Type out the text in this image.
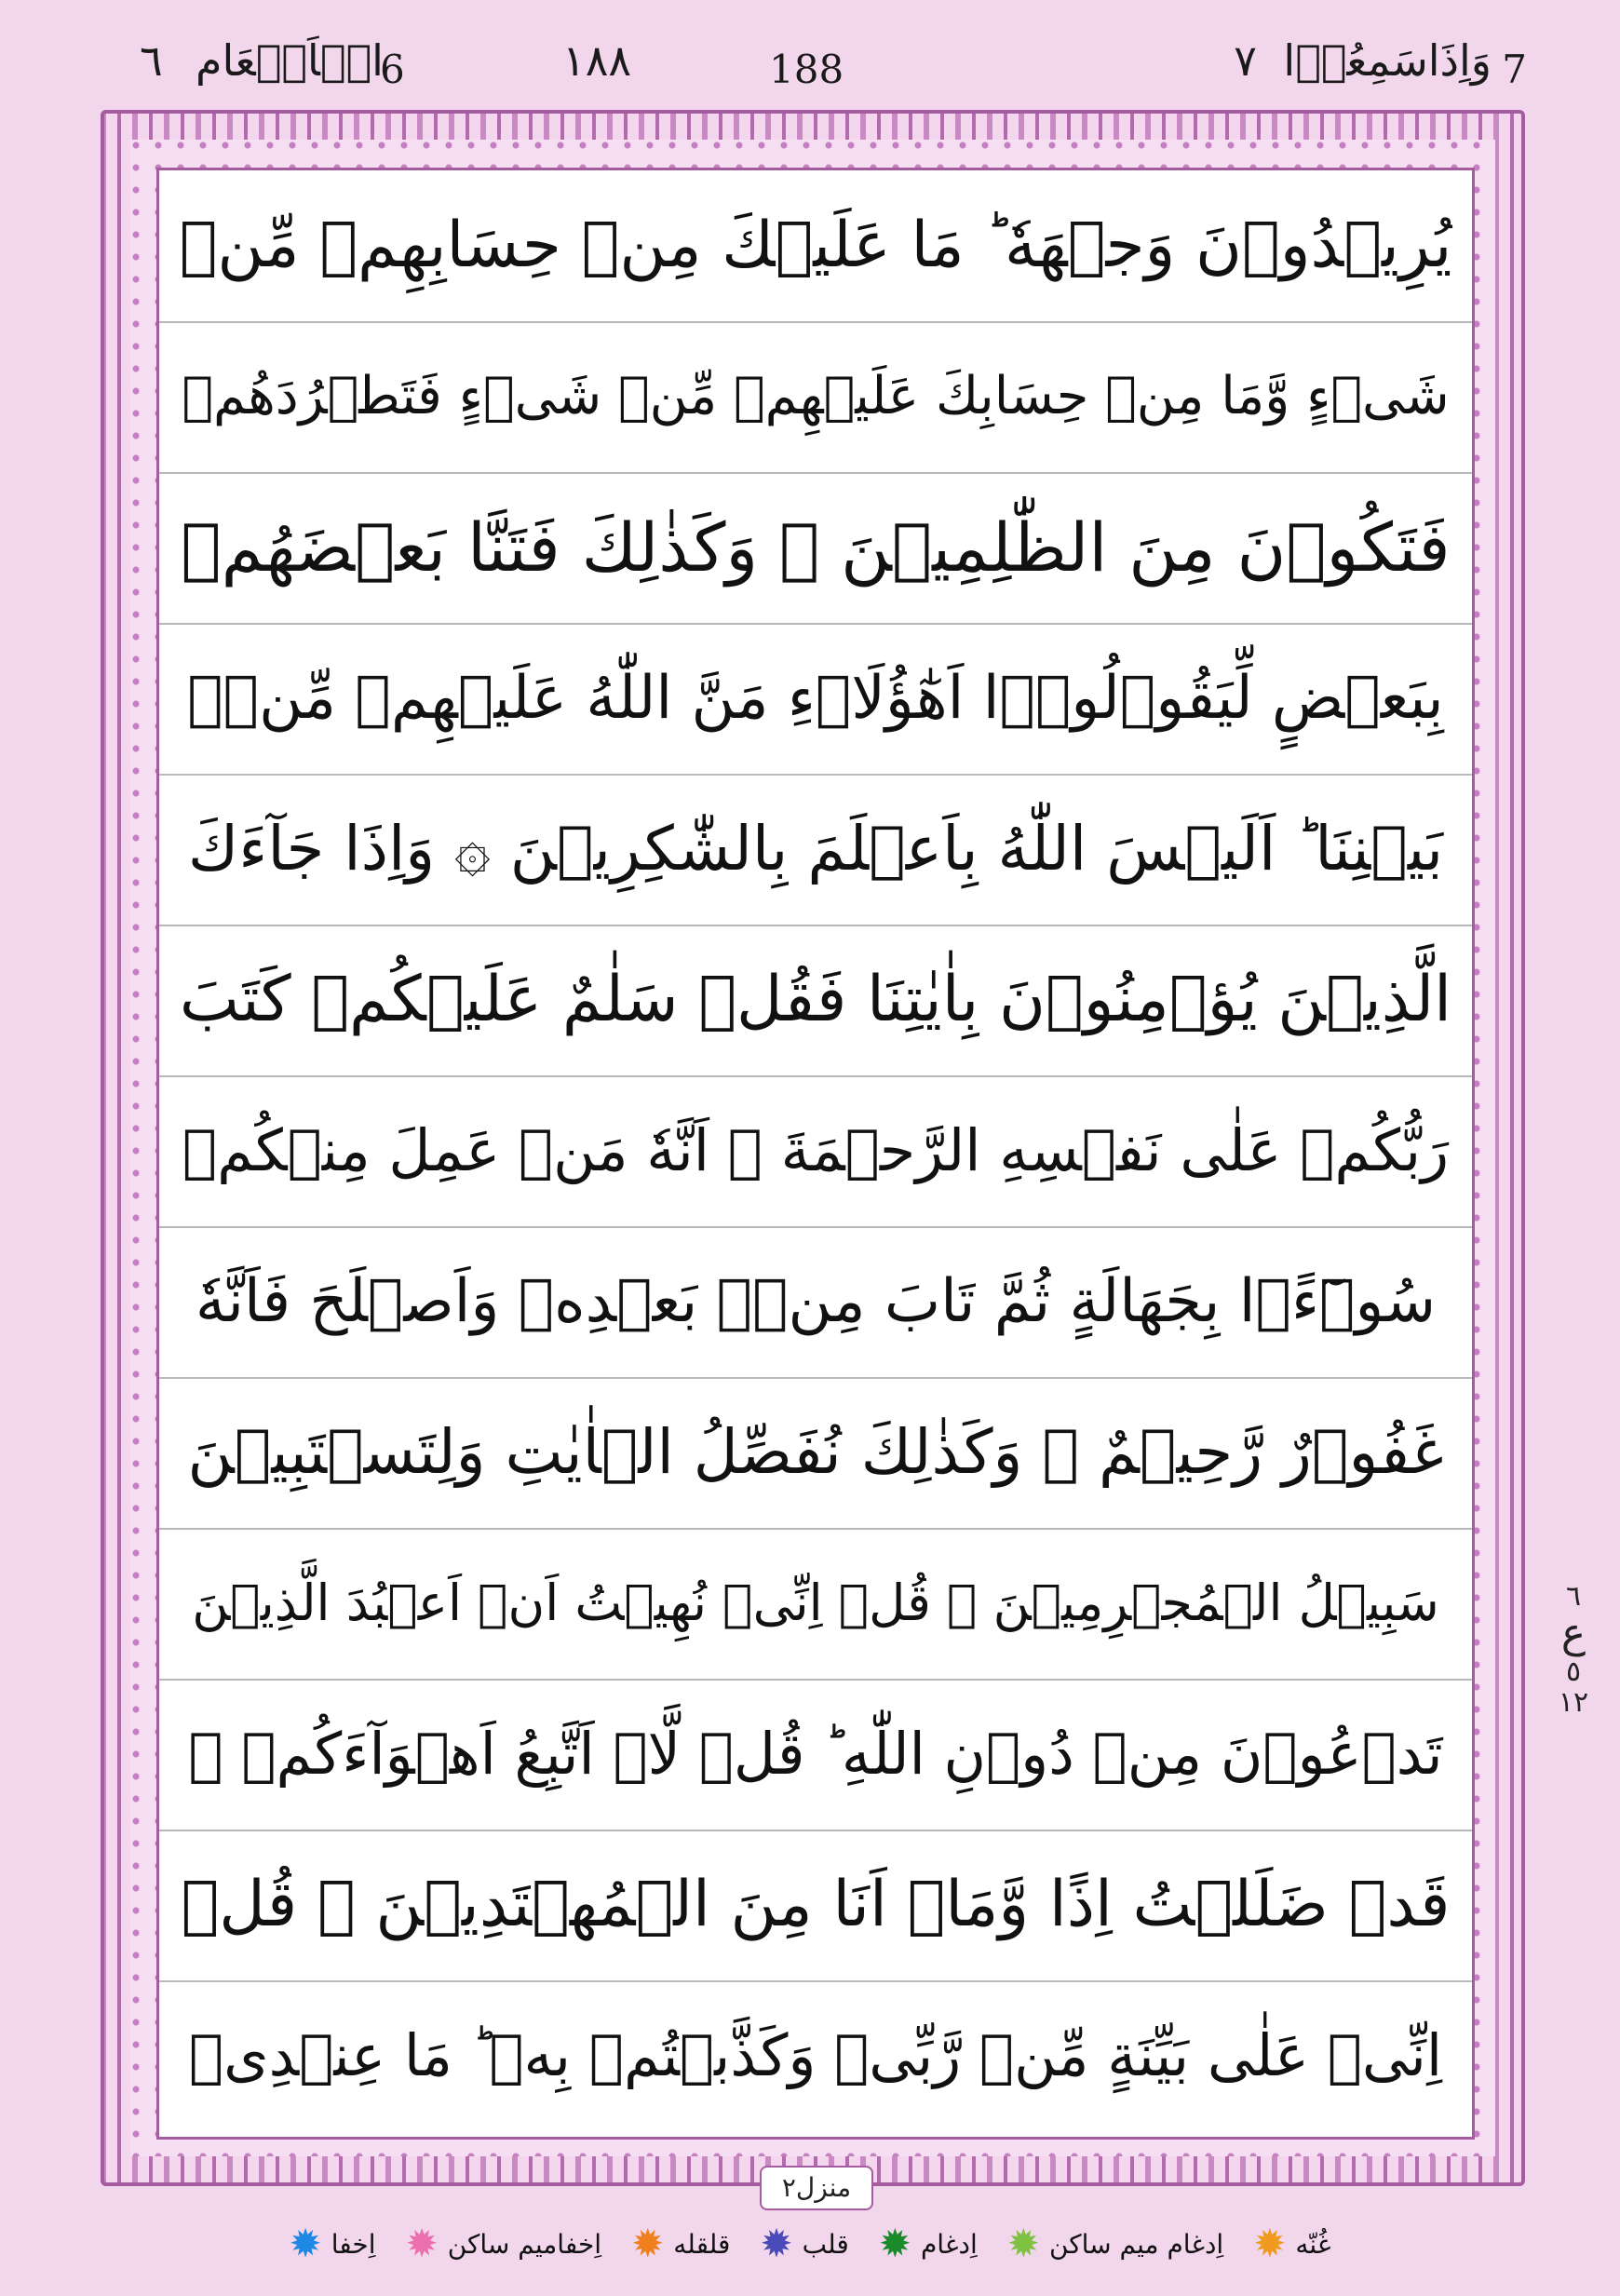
7
وَاِذَاسَمِعُوۡا
۷
188
۱۸۸
6
الۡاَنۡعَام
٦
يُرِيۡدُوۡنَ وَجۡهَهٗ ؕ مَا عَلَيۡكَ مِنۡ حِسَابِهِمۡ مِّنۡ
شَىۡءٍ وَّمَا مِنۡ حِسَابِكَ عَلَيۡهِمۡ مِّنۡ شَىۡءٍ فَتَطۡرُدَهُمۡ
فَتَكُوۡنَ مِنَ الظّٰلِمِيۡنَ ۞ وَكَذٰلِكَ فَتَنَّا بَعۡضَهُمۡ
بِبَعۡضٍ لِّيَقُوۡلُوۡۤا اَهٰٓؤُلَاۤءِ مَنَّ اللّٰهُ عَلَيۡهِمۡ مِّنۡۢ
بَيۡنِنَا ؕ اَلَيۡسَ اللّٰهُ بِاَعۡلَمَ بِالشّٰكِرِيۡنَ ۞ وَاِذَا جَآءَكَ
الَّذِيۡنَ يُؤۡمِنُوۡنَ بِاٰيٰتِنَا فَقُلۡ سَلٰمٌ عَلَيۡكُمۡ كَتَبَ
رَبُّكُمۡ عَلٰى نَفۡسِهِ الرَّحۡمَةَ ۙ اَنَّهٗ مَنۡ عَمِلَ مِنۡكُمۡ
سُوۡٓءًۢا بِجَهَالَةٍ ثُمَّ تَابَ مِنۡۢ بَعۡدِهٖ وَاَصۡلَحَ فَاَنَّهٗ
غَفُوۡرٌ رَّحِيۡمٌ ۞ وَكَذٰلِكَ نُفَصِّلُ الۡاٰيٰتِ وَلِتَسۡتَبِيۡنَ
سَبِيۡلُ الۡمُجۡرِمِيۡنَ ۞ قُلۡ اِنِّىۡ نُهِيۡتُ اَنۡ اَعۡبُدَ الَّذِيۡنَ
تَدۡعُوۡنَ مِنۡ دُوۡنِ اللّٰهِ ؕ قُلۡ لَّاۤ اَتَّبِعُ اَهۡوَآءَكُمۡ ۙ
قَدۡ ضَلَلۡتُ اِذًا وَّمَاۤ اَنَا مِنَ الۡمُهۡتَدِيۡنَ ۞ قُلۡ
اِنِّىۡ عَلٰى بَيِّنَةٍ مِّنۡ رَّبِّىۡ وَكَذَّبۡتُمۡ بِهٖ ؕ مَا عِنۡدِىۡ
٦
ع
٥
١٢
منزل۲
✹ اِخفا ✹ اِخفاميم ساكن ✹ قلقله ✹ قلب ✹ اِدغام ✹ اِدغام ميم ساكن ✹ غُنّه
